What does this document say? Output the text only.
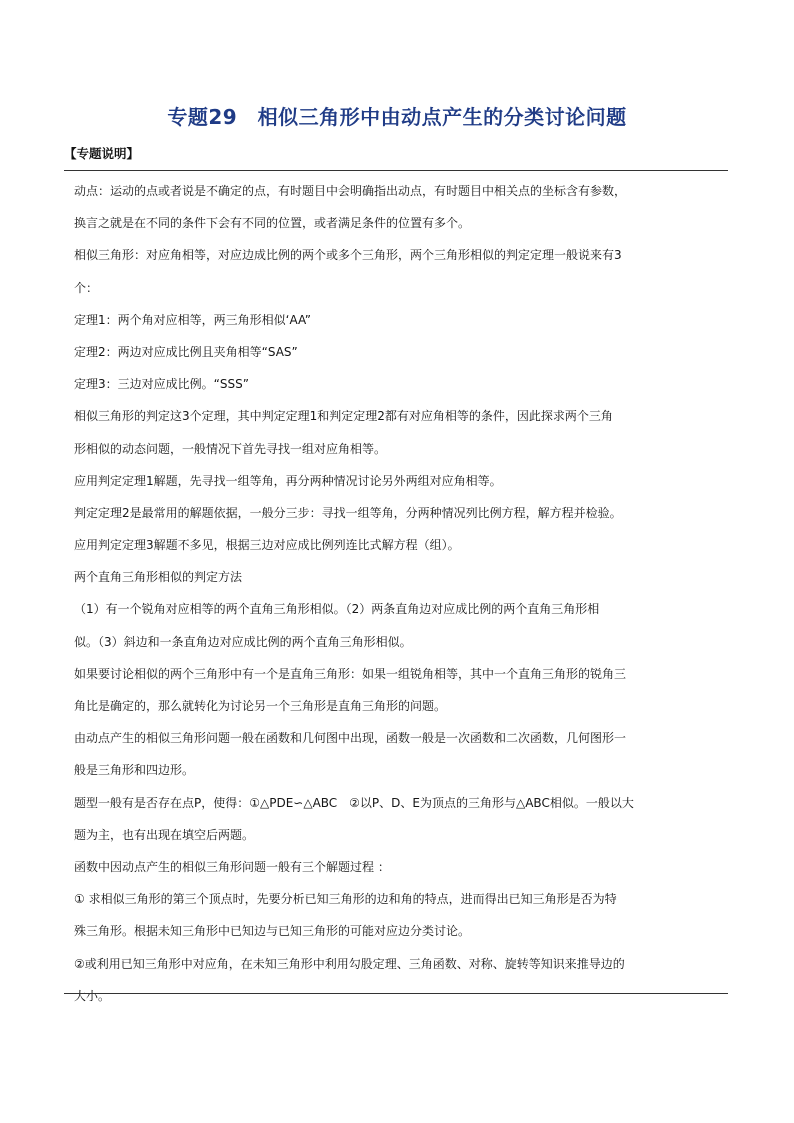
专题29　相似三角形中由动点产生的分类讨论问题
【专题说明】
动点：运动的点或者说是不确定的点，有时题目中会明确指出动点，有时题目中相关点的坐标含有参数，
换言之就是在不同的条件下会有不同的位置，或者满足条件的位置有多个。
相似三角形：对应角相等，对应边成比例的两个或多个三角形，两个三角形相似的判定定理一般说来有3
个：
定理1：两个角对应相等，两三角形相似‘AA”
定理2：两边对应成比例且夹角相等“SAS”
定理3：三边对应成比例。“SSS”
相似三角形的判定这3个定理，其中判定定理1和判定定理2都有对应角相等的条件，因此探求两个三角
形相似的动态问题，一般情况下首先寻找一组对应角相等。
应用判定定理1解题，先寻找一组等角，再分两种情况讨论另外两组对应角相等。
判定定理2是最常用的解题依据，一般分三步：寻找一组等角，分两种情况列比例方程，解方程并检验。
应用判定定理3解题不多见，根据三边对应成比例列连比式解方程（组）。
两个直角三角形相似的判定方法
（1）有一个锐角对应相等的两个直角三角形相似。（2）两条直角边对应成比例的两个直角三角形相
似。（3）斜边和一条直角边对应成比例的两个直角三角形相似。
如果要讨论相似的两个三角形中有一个是直角三角形：如果一组锐角相等，其中一个直角三角形的锐角三
角比是确定的，那么就转化为讨论另一个三角形是直角三角形的问题。
由动点产生的相似三角形问题一般在函数和几何图中出现，函数一般是一次函数和二次函数，几何图形一
般是三角形和四边形。
题型一般有是否存在点P，使得：①△PDE∽△ABC　②以P、D、E为顶点的三角形与△ABC相似。一般以大
题为主，也有出现在填空后两题。
函数中因动点产生的相似三角形问题一般有三个解题过程 ：
① 求相似三角形的第三个顶点时，先要分析已知三角形的边和角的特点，进而得出已知三角形是否为特
殊三角形。根据未知三角形中已知边与已知三角形的可能对应边分类讨论。
②或利用已知三角形中对应角，在未知三角形中利用勾股定理、三角函数、对称、旋转等知识来推导边的
大小。
